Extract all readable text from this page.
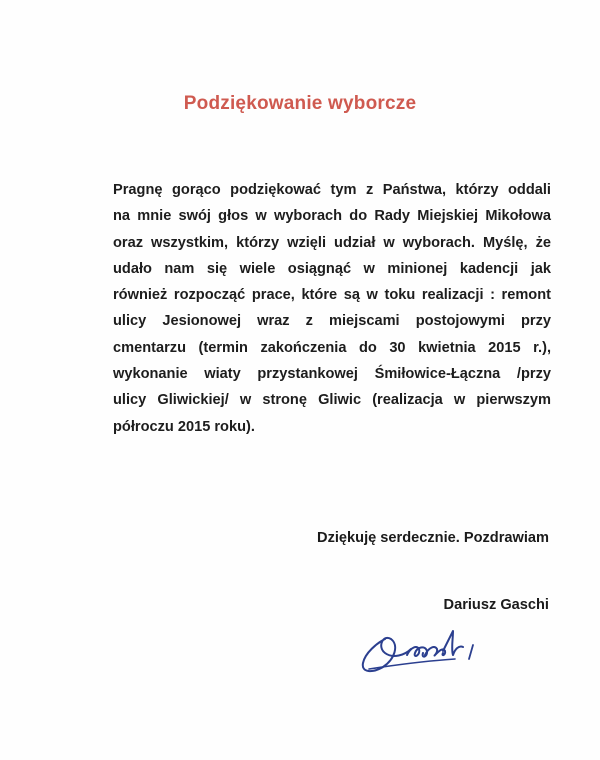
Podziękowanie wyborcze
Pragnę gorąco podziękować tym z Państwa, którzy oddali
na mnie swój głos w wyborach do Rady Miejskiej Mikołowa
oraz wszystkim, którzy wzięli udział w wyborach. Myślę, że
udało nam się wiele osiągnąć w minionej kadencji jak
również rozpocząć prace, które są w toku realizacji : remont
ulicy Jesionowej wraz z miejscami postojowymi przy
cmentarzu (termin zakończenia do 30 kwietnia 2015 r.),
wykonanie wiaty przystankowej Śmiłowice-Łączna /przy
ulicy Gliwickiej/ w stronę Gliwic (realizacja w pierwszym
półroczu 2015 roku).
Dziękuję serdecznie. Pozdrawiam
Dariusz Gaschi
